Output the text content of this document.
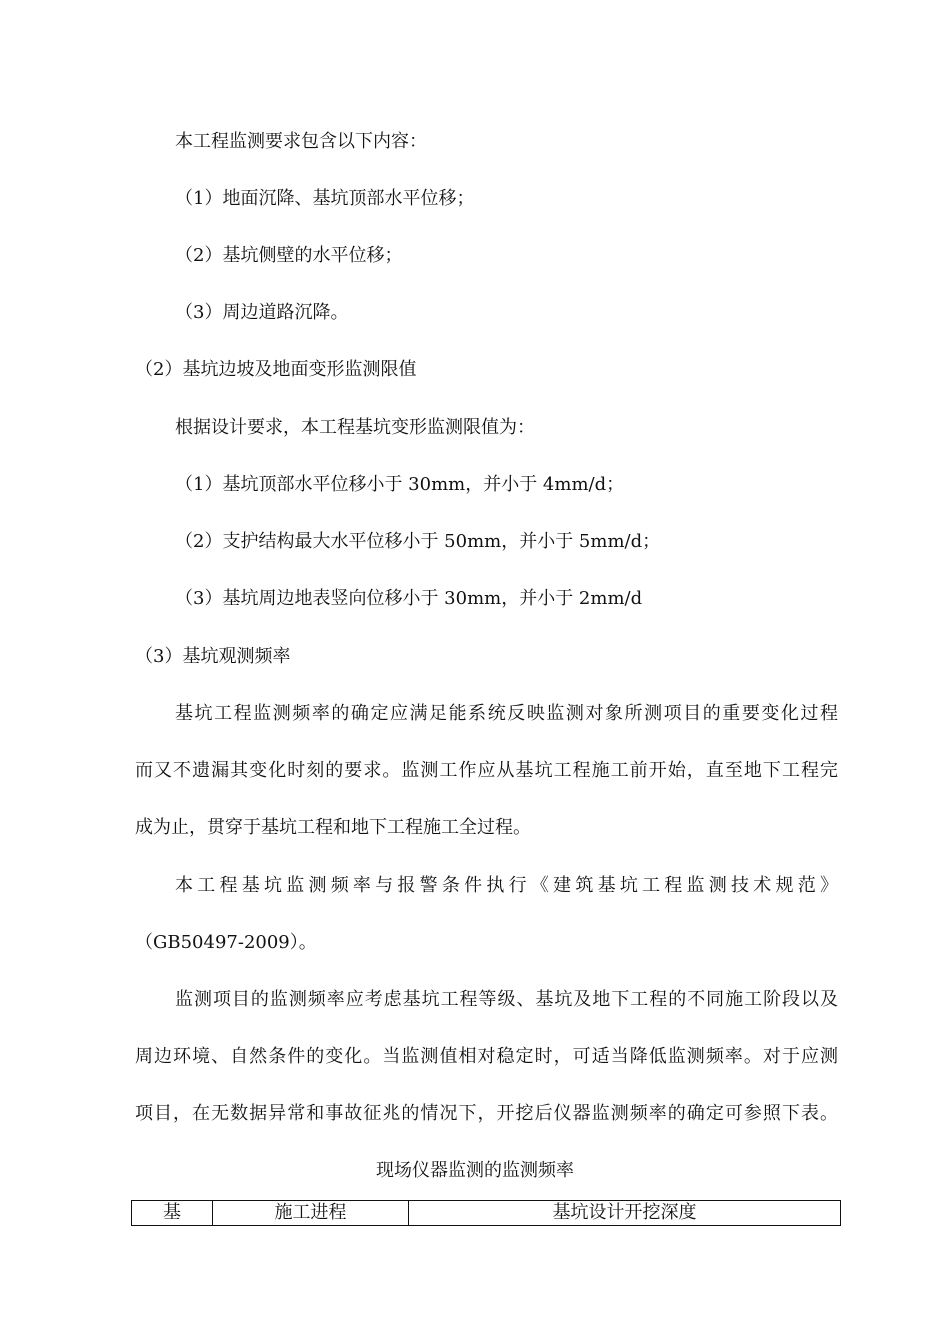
本工程监测要求包含以下内容：
（1）地面沉降、基坑顶部水平位移；
（2）基坑侧壁的水平位移；
（3）周边道路沉降。
（2）基坑边坡及地面变形监测限值
根据设计要求，本工程基坑变形监测限值为：
（1）基坑顶部水平位移小于 30mm，并小于 4mm/d；
（2）支护结构最大水平位移小于 50mm，并小于 5mm/d；
（3）基坑周边地表竖向位移小于 30mm，并小于 2mm/d
（3）基坑观测频率
基坑工程监测频率的确定应满足能系统反映监测对象所测项目的重要变化过程
而又不遗漏其变化时刻的要求。监测工作应从基坑工程施工前开始，直至地下工程完
成为止，贯穿于基坑工程和地下工程施工全过程。
本工程基坑监测频率与报警条件执行《建筑基坑工程监测技术规范》
（GB50497-2009）。
监测项目的监测频率应考虑基坑工程等级、基坑及地下工程的不同施工阶段以及
周边环境、自然条件的变化。当监测值相对稳定时，可适当降低监测频率。对于应测
项目，在无数据异常和事故征兆的情况下，开挖后仪器监测频率的确定可参照下表。
现场仪器监测的监测频率
基	施工进程	基坑设计开挖深度
